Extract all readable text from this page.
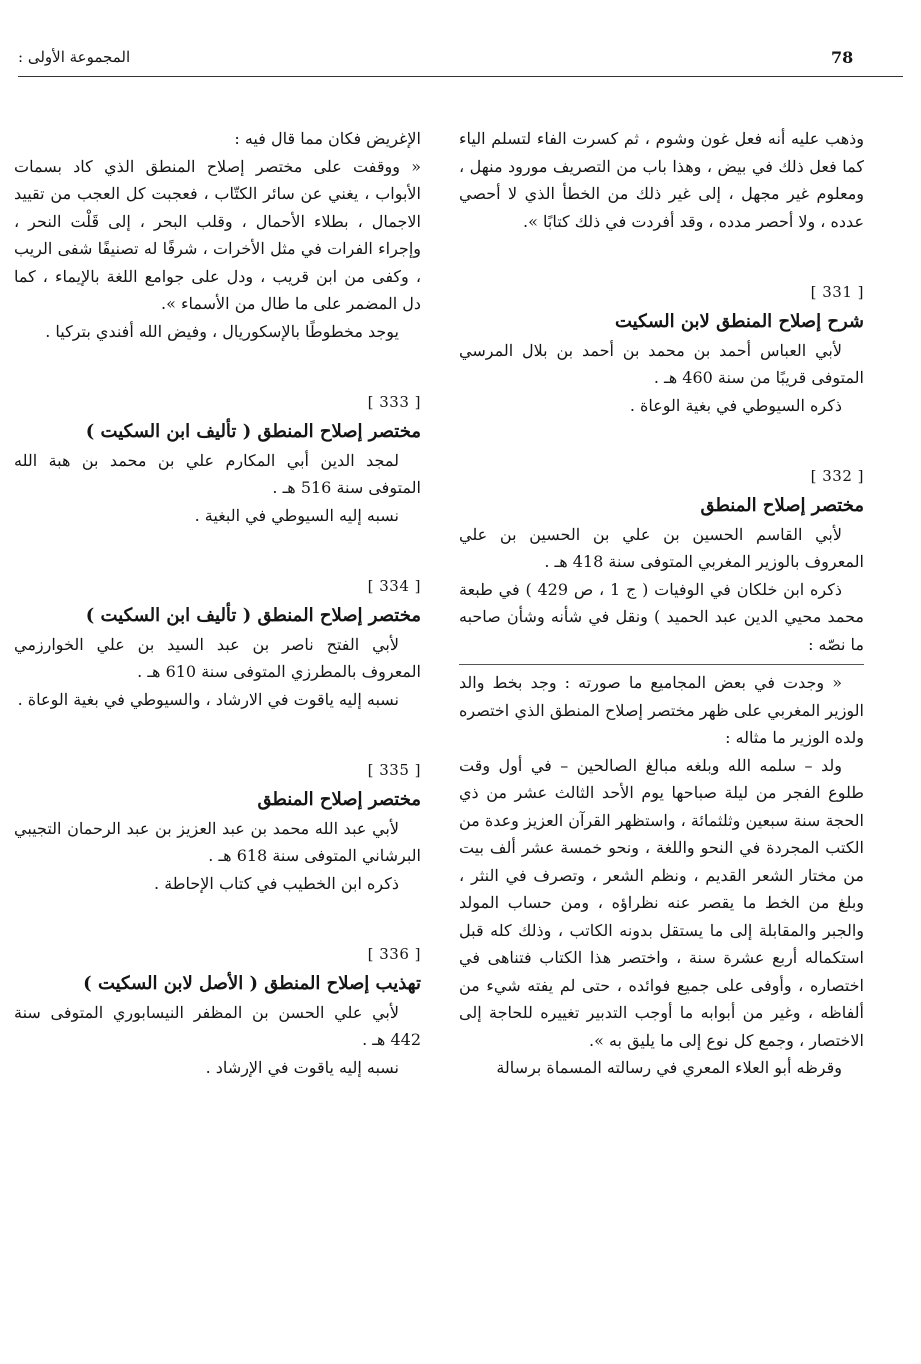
78
المجموعة الأولى :

وذهب عليه أنه فعل غون وشوم ، ثم كسرت الفاء لتسلم الياء كما فعل ذلك في بيض ، وهذا باب من التصريف مورود منهل ، ومعلوم غير مجهل ، إلى غير ذلك من الخطأ الذي لا أحصي عدده ، ولا أحصر مدده ، وقد أفردت في ذلك كتابًا ».

[ 331 ]
شرح إصلاح المنطق لابن السكيت

لأبي العباس أحمد بن محمد بن أحمد بن بلال المرسي المتوفى قريبًا من سنة 460 هـ .

ذكره السيوطي في بغية الوعاة .

[ 332 ]
مختصر إصلاح المنطق

لأبي القاسم الحسين بن علي بن الحسين بن علي المعروف بالوزير المغربي المتوفى سنة 418 هـ .

ذكره ابن خلكان في الوفيات ( ج 1 ، ص 429 ) في طبعة محمد محيي الدين عبد الحميد ) ونقل في شأنه وشأن صاحبه ما نصّه :

« وجدت في بعض المجاميع ما صورته : وجد بخط والد الوزير المغربي على ظهر مختصر إصلاح المنطق الذي اختصره ولده الوزير ما مثاله :

ولد – سلمه الله وبلغه مبالغ الصالحين – في أول وقت طلوع الفجر من ليلة صباحها يوم الأحد الثالث عشر من ذي الحجة سنة سبعين وثلثمائة ، واستظهر القرآن العزيز وعدة من الكتب المجردة في النحو واللغة ، ونحو خمسة عشر ألف بيت من مختار الشعر القديم ، ونظم الشعر ، وتصرف في النثر ، وبلغ من الخط ما يقصر عنه نظراؤه ، ومن حساب المولد والجبر والمقابلة إلى ما يستقل بدونه الكاتب ، وذلك كله قبل استكماله أربع عشرة سنة ، واختصر هذا الكتاب فتناهى في اختصاره ، وأوفى على جميع فوائده ، حتى لم يفته شيء من ألفاظه ، وغير من أبوابه ما أوجب التدبير تغييره للحاجة إلى الاختصار ، وجمع كل نوع إلى ما يليق به ».

وقرظه أبو العلاء المعري في رسالته المسماة برسالة

الإغريض فكان مما قال فيه :

« ووقفت على مختصر إصلاح المنطق الذي كاد بسمات الأبواب ، يغني عن سائر الكتّاب ، فعجبت كل العجب من تقييد الاجمال ، بطلاء الأحمال ، وقلب البحر ، إلى قَلْت النحر ، وإجراء الفرات في مثل الأخرات ، شرفًا له تصنيفًا شفى الريب ، وكفى من ابن قريب ، ودل على جوامع اللغة بالإيماء ، كما دل المضمر على ما طال من الأسماء ».

يوجد مخطوطًا بالإسكوريال ، وفيض الله أفندي بتركيا .

[ 333 ]
مختصر إصلاح المنطق ( تأليف ابن السكيت )

لمجد الدين أبي المكارم علي بن محمد بن هبة الله المتوفى سنة 516 هـ .

نسبه إليه السيوطي في البغية .

[ 334 ]
مختصر إصلاح المنطق ( تأليف ابن السكيت )

لأبي الفتح ناصر بن عبد السيد بن علي الخوارزمي المعروف بالمطرزي المتوفى سنة 610 هـ .

نسبه إليه ياقوت في الارشاد ، والسيوطي في بغية الوعاة .

[ 335 ]
مختصر إصلاح المنطق

لأبي عبد الله محمد بن عبد العزيز بن عبد الرحمان التجيبي البرشاني المتوفى سنة 618 هـ .

ذكره ابن الخطيب في كتاب الإحاطة .

[ 336 ]
تهذيب إصلاح المنطق ( الأصل لابن السكيت )

لأبي علي الحسن بن المظفر النيسابوري المتوفى سنة 442 هـ .

نسبه إليه ياقوت في الإرشاد .
